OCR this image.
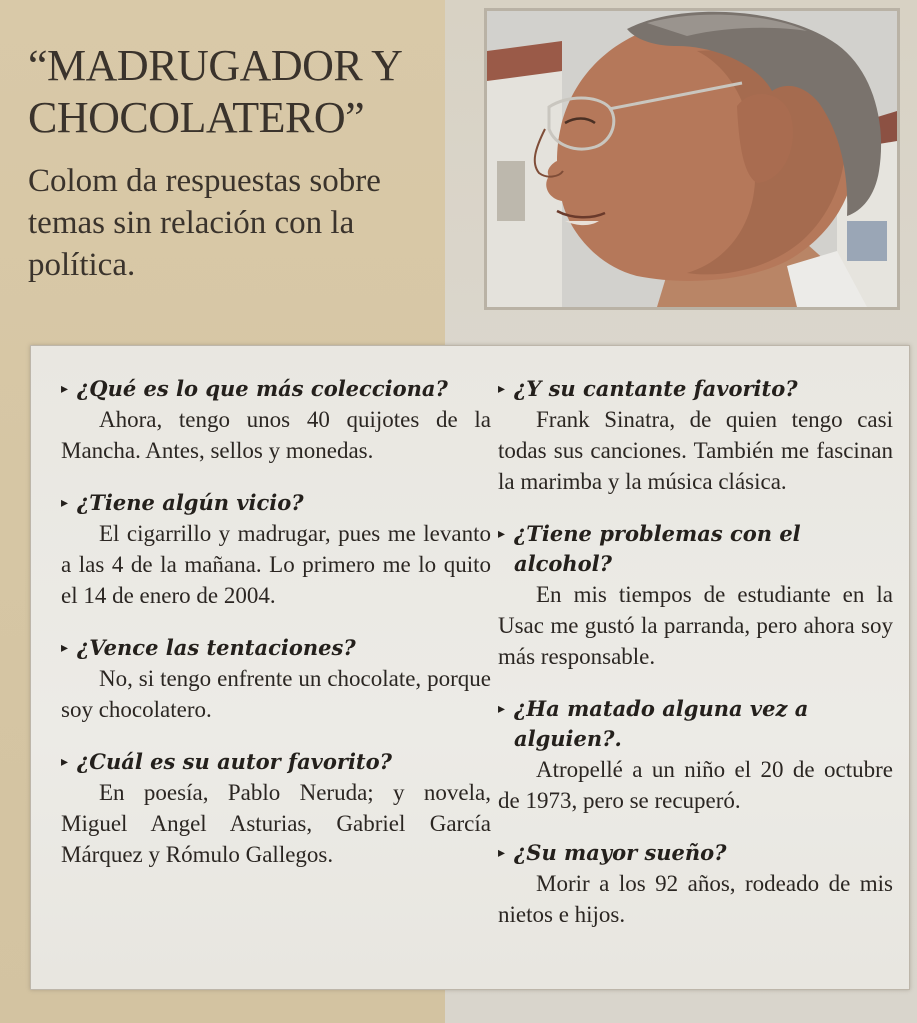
“MADRUGADOR Y CHOCOLATERO”

Colom da respuestas sobre temas sin relación con la política.

▸ ¿Qué es lo que más colecciona?

Ahora, tengo unos 40 quijotes de la Mancha. Antes, sellos y monedas.

▸ ¿Tiene algún vicio?

El cigarrillo y madrugar, pues me levanto a las 4 de la mañana. Lo primero me lo quito el 14 de enero de 2004.

▸ ¿Vence las tentaciones?

No, si tengo enfrente un chocolate, porque soy chocolatero.

▸ ¿Cuál es su autor favorito?

En poesía, Pablo Neruda; y novela, Miguel Angel Asturias, Gabriel García Márquez y Rómulo Gallegos.

▸ ¿Y su cantante favorito?

Frank Sinatra, de quien tengo casi todas sus canciones. También me fascinan la marimba y la música clásica.

▸ ¿Tiene problemas con el alcohol?

En mis tiempos de estudiante en la Usac me gustó la parranda, pero ahora soy más responsable.

▸ ¿Ha matado alguna vez a alguien?.

Atropellé a un niño el 20 de octubre de 1973, pero se recuperó.

▸ ¿Su mayor sueño?

Morir a los 92 años, rodeado de mis nietos e hijos.
